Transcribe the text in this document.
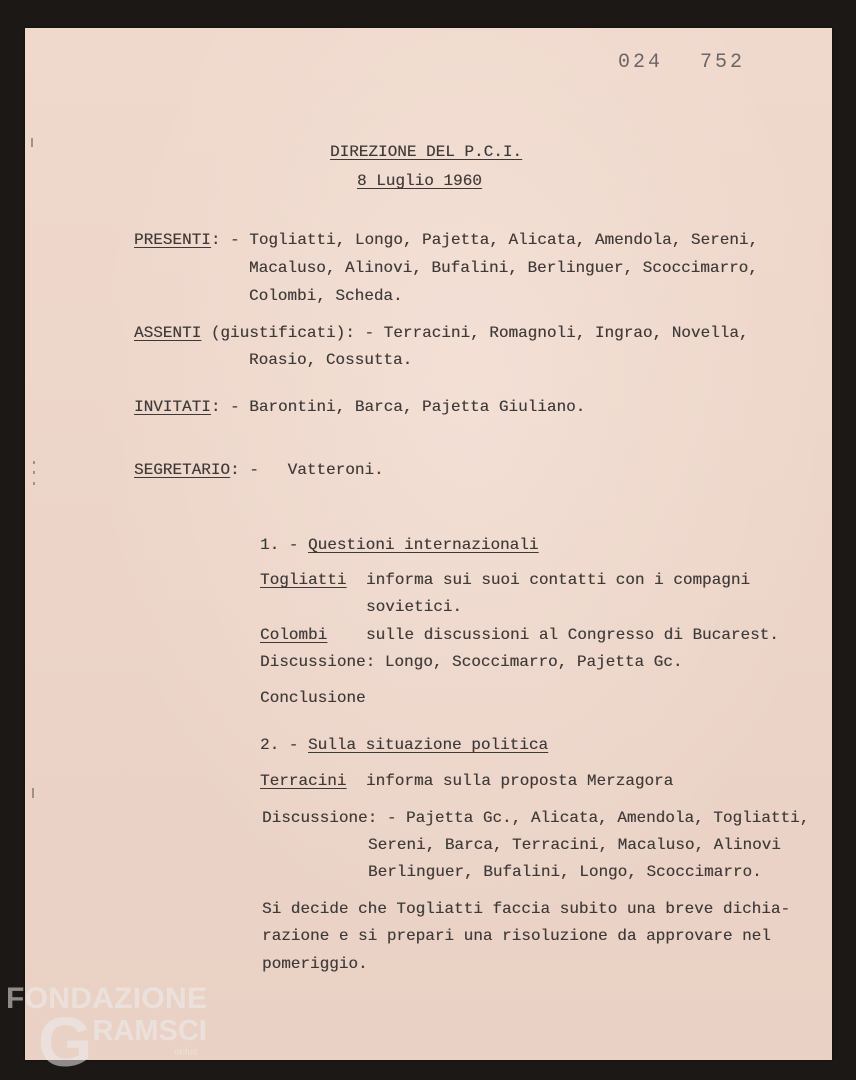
024 752
DIREZIONE DEL P.C.I.
8 Luglio 1960
PRESENTI: - Togliatti, Longo, Pajetta, Alicata, Amendola, Sereni,
Macaluso, Alinovi, Bufalini, Berlinguer, Scoccimarro,
Colombi, Scheda.
ASSENTI (giustificati): - Terracini, Romagnoli, Ingrao, Novella,
Roasio, Cossutta.
INVITATI: - Barontini, Barca, Pajetta Giuliano.
SEGRETARIO: -   Vatteroni.
1. - Questioni internazionali
Togliatti informa sui suoi contatti con i compagni
sovietici.
Colombi sulle discussioni al Congresso di Bucarest.
Discussione: Longo, Scoccimarro, Pajetta Gc.
Conclusione
2. - Sulla situazione politica
Terracini informa sulla proposta Merzagora
Discussione: - Pajetta Gc., Alicata, Amendola, Togliatti,
Sereni, Barca, Terracini, Macaluso, Alinovi
Berlinguer, Bufalini, Longo, Scoccimarro.
Si decide che Togliatti faccia subito una breve dichia-
razione e si prepari una risoluzione da approvare nel
pomeriggio.
FONDAZIONE
GRAMSCI
onlus
